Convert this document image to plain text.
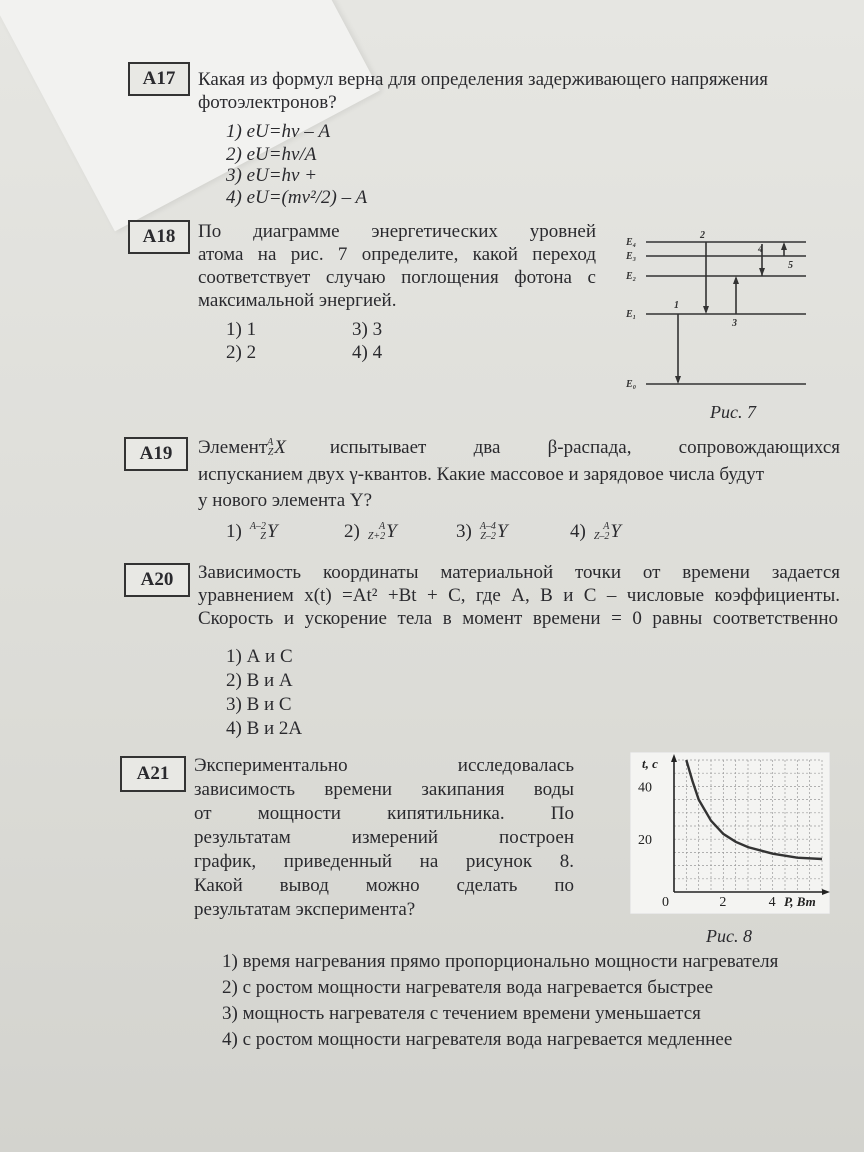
A17	Какая из формул верна для определения задерживающего напряжения
фотоэлектронов?
1) eU=hν – A
2) eU=hν/A
3) eU=hν +
4) eU=(mν²/2) – A
A18	По диаграмме энергетических уровней
атома на рис. 7 определите, какой переход
соответствует случаю поглощения фотона с
максимальной энергией.
1) 1	3) 3
2) 2	4) 4
E₄
E₃
E₂
E₁
E₀
1
2
3
4
5
Рис. 7
A19	Элемент A
Z X испытывает два β-распада, сопровождающихся
испусканием двух γ-квантов. Какие массовое и зарядовое числа будут
у нового элемента Y?
1) A–2
Z Y	2)	A
Z+2 Y	3) A–4
Z–2 Y	4)	A
Z–2 Y
A20	Зависимость координаты материальной точки от времени задается
уравнением x(t) =At² +Bt + C, где A, B и C – числовые коэффициенты.
Скорость и ускорение тела в момент времени = 0 равны соответственно
1) А и С
2) В и А
3) В и С
4) В и 2А
A21	Экспериментально исследовалась
зависимость времени закипания воды
от мощности кипятильника. По
результатам измерений построен
график, приведенный на рисунок 8.
Какой вывод можно сделать по
результатам эксперимента?	0	2	4
20
40
t, с
P, Вт
Рис. 8
1) время нагревания прямо пропорционально мощности нагревателя
2) с ростом мощности нагревателя вода нагревается быстрее
3) мощность нагревателя с течением времени уменьшается
4) с ростом мощности нагревателя вода нагревается медленнее
